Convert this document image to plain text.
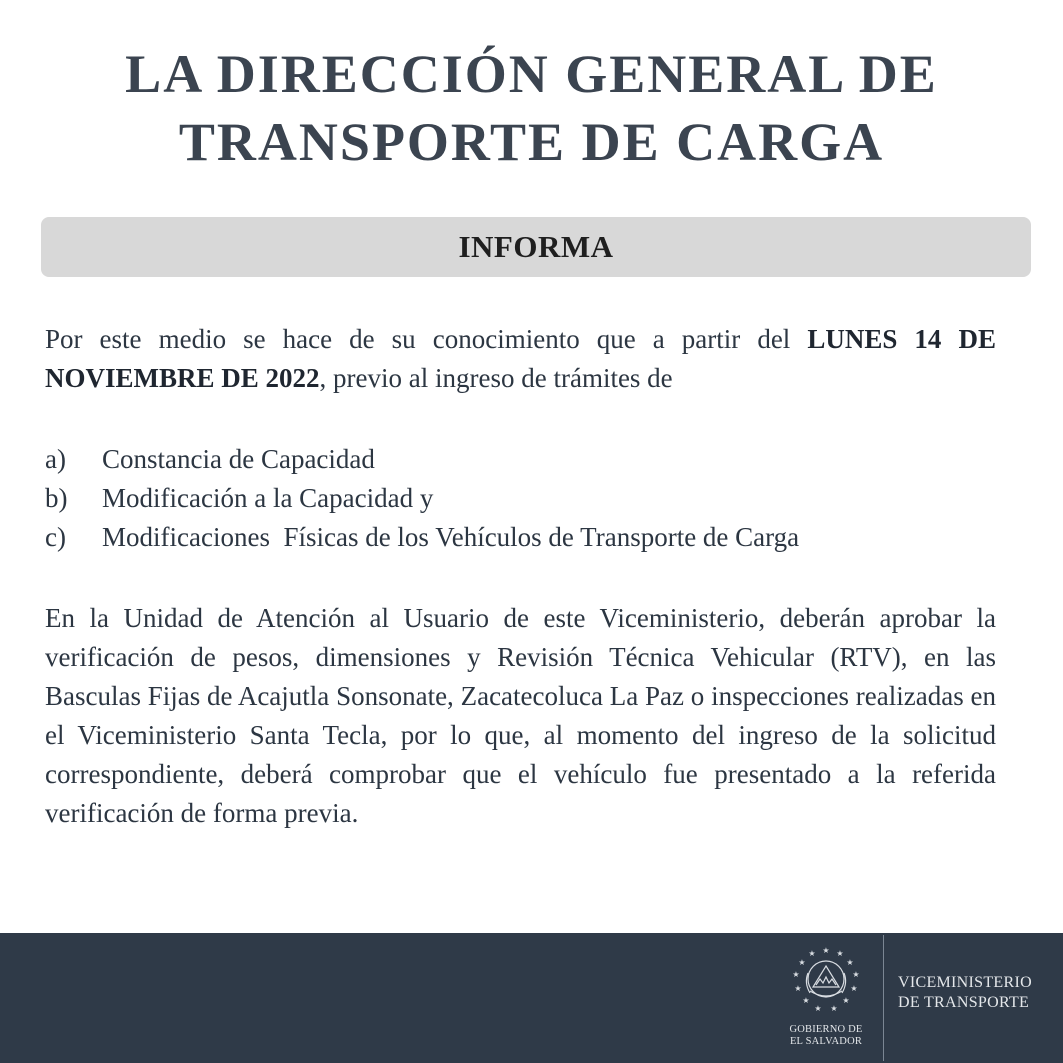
LA DIRECCIÓN GENERAL DE
TRANSPORTE DE CARGA
INFORMA

Por este medio se hace de su conocimiento que a partir del LUNES 14 DE NOVIEMBRE DE 2022, previo al ingreso de trámites de

a)	Constancia de Capacidad
b)	Modificación a la Capacidad y
c)	Modificaciones  Físicas de los Vehículos de Transporte de Carga

En la Unidad de Atención al Usuario de este Viceministerio, deberán aprobar la verificación de pesos, dimensiones y Revisión Técnica Vehicular (RTV), en las Basculas Fijas de Acajutla Sonsonate, Zacatecoluca La Paz o inspecciones realizadas en el Viceministerio Santa Tecla, por lo que, al momento del ingreso de la solicitud correspondiente, deberá comprobar que el vehículo fue presentado a la referida verificación de forma previa.

★
★	★
★	★
★	★
★	★
★	★
★ ★
GOBIERNO DE
EL SALVADOR
VICEMINISTERIO
DE TRANSPORTE
